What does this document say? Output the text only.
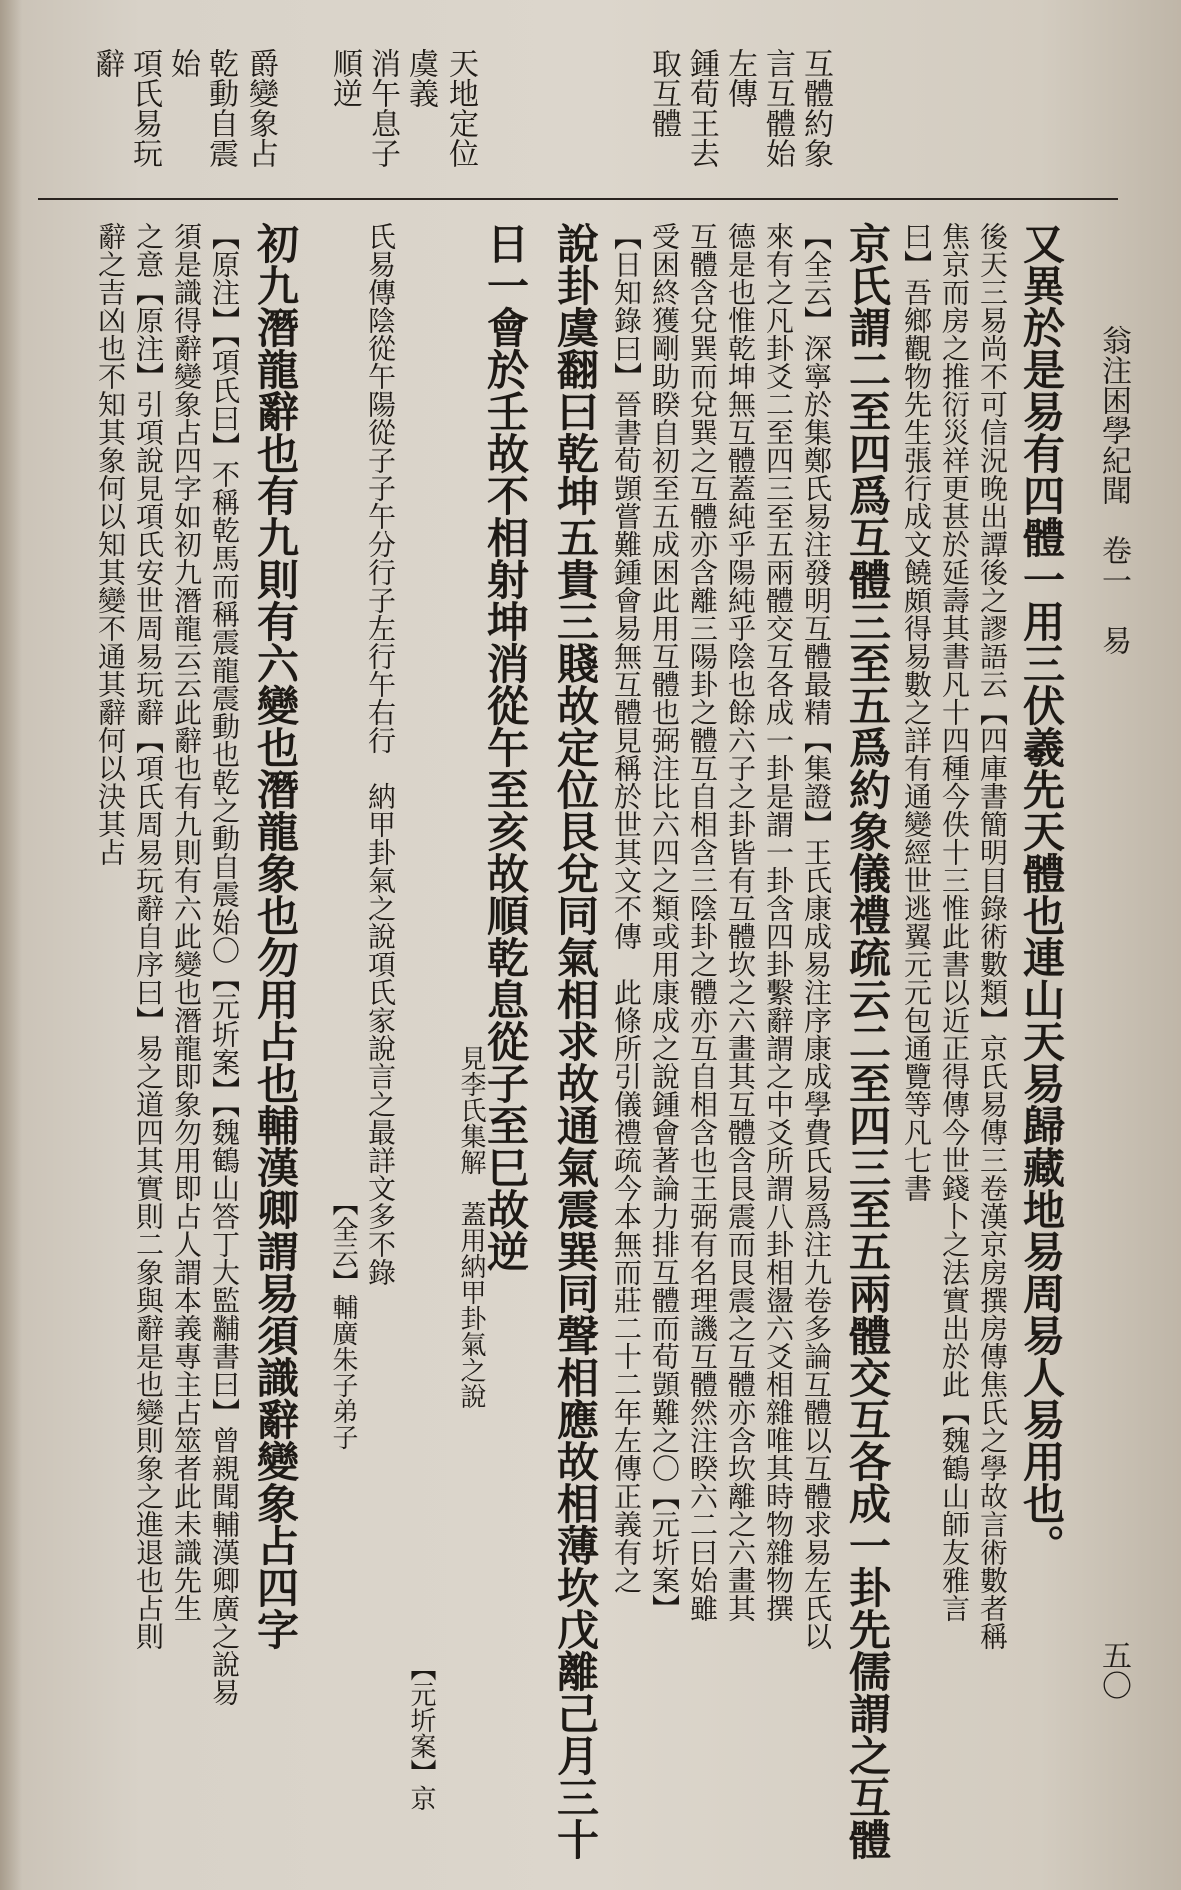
翁注困學紀聞　卷一　易
五〇
互體約象
言互體始
左傳
鍾荀王去
取互體
天地定位
虞義
消午息子
順逆
爵變象占
乾動自震
始
項氏易玩
辭
又異於是易有四體一用三伏羲先天體也連山天易歸藏地易周易人易用也。
後天三易尚不可信況晚出譚後之謬語云【四庫書簡明目錄術數類】京氏易傳三卷漢京房撰房傳焦氏之學故言術數者稱
焦京而房之推衍災祥更甚於延壽其書凡十四種今佚十三惟此書以近正得傳今世錢卜之法實出於此【魏鶴山師友雅言
曰】吾鄉觀物先生張行成文饒頗得易數之詳有通變經世逃翼元元包通覽等凡七書
京氏謂二至四爲互體三至五爲約象儀禮疏云二至四三至五兩體交互各成一卦先儒謂之互體
【全云】深寧於集鄭氏易注發明互體最精【集證】王氏康成易注序康成學費氏易爲注九卷多論互體以互體求易左氏以
來有之凡卦爻二至四三至五兩體交互各成一卦是謂一卦含四卦繫辭謂之中爻所謂八卦相盪六爻相雜唯其時物雜物撰
德是也惟乾坤無互體蓋純乎陽純乎陰也餘六子之卦皆有互體坎之六畫其互體含艮震而艮震之互體亦含坎離之六畫其
互體含兌巽而兌巽之互體亦含離三陽卦之體互自相含三陰卦之體亦互自相含也王弼有名理譏互體然注睽六二曰始雖
受困終獲剛助睽自初至五成困此用互體也弼注比六四之類或用康成之說鍾會著論力排互體而荀顗難之〇【元圻案】
【日知錄曰】晉書荀顗嘗難鍾會易無互體見稱於世其文不傳　此條所引儀禮疏今本無而莊二十二年左傳正義有之
說卦虞翻曰乾坤五貴三賤故定位艮兌同氣相求故通氣震巽同聲相應故相薄坎戊離己月三十
日一會於壬故不相射坤消從午至亥故順乾息從子至巳故逆
見李氏集解　蓋用納甲卦氣之說
【元圻案】京
氏易傳陰從午陽從子子午分行子左行午右行　納甲卦氣之說項氏家說言之最詳文多不錄
【全云】輔廣朱子弟子
初九潛龍辭也有九則有六變也潛龍象也勿用占也輔漢卿謂易須識辭變象占四字
【原注】【項氏曰】不稱乾馬而稱震龍震動也乾之動自震始〇【元圻案】【魏鶴山答丁大監黼書曰】曾親聞輔漢卿廣之說易
須是識得辭變象占四字如初九潛龍云云此辭也有九則有六此變也潛龍即象勿用即占人謂本義專主占筮者此未識先生
之意【原注】引項說見項氏安世周易玩辭【項氏周易玩辭自序曰】易之道四其實則二象與辭是也變則象之進退也占則
辭之吉凶也不知其象何以知其變不通其辭何以決其占
